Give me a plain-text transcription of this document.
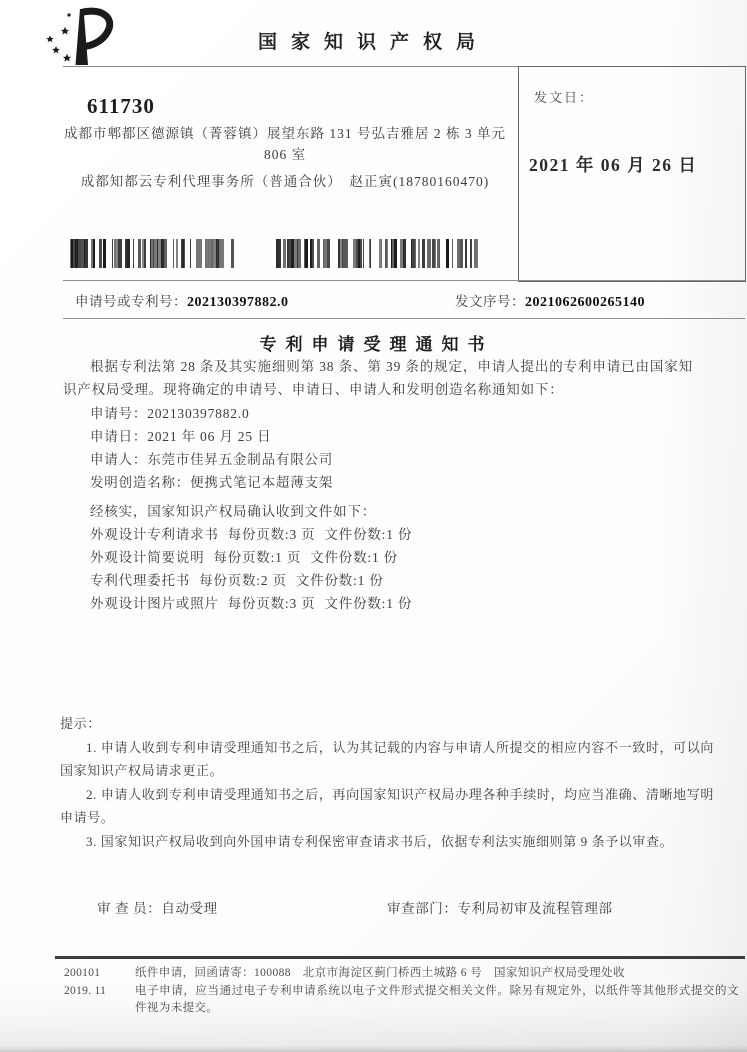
国家知识产权局
发文日：
2021 年 06 月 26 日
611730
成都市郫都区德源镇（菁蓉镇）展望东路 131 号弘吉雅居 2 栋 3 单元
806 室
成都知都云专利代理事务所（普通合伙）　赵正寅(18780160470)
申请号或专利号：202130397882.0	发文序号：2021062600265140
专利申请受理通知书
根据专利法第 28 条及其实施细则第 38 条、第 39 条的规定，申请人提出的专利申请已由国家知识产权局受理。现将确定的申请号、申请日、申请人和发明创造名称通知如下：
申请号：202130397882.0
申请日：2021 年 06 月 25 日
申请人：东莞市佳昇五金制品有限公司
发明创造名称：便携式笔记本超薄支架
经核实，国家知识产权局确认收到文件如下：
外观设计专利请求书 每份页数:3 页 文件份数:1 份
外观设计简要说明 每份页数:1 页 文件份数:1 份
专利代理委托书 每份页数:2 页 文件份数:1 份
外观设计图片或照片 每份页数:3 页 文件份数:1 份

提示：

1. 申请人收到专利申请受理通知书之后，认为其记载的内容与申请人所提交的相应内容不一致时，可以向国家知识产权局请求更正。

2. 申请人收到专利申请受理通知书之后，再向国家知识产权局办理各种手续时，均应当准确、清晰地写明申请号。

3. 国家知识产权局收到向外国申请专利保密审查请求书后，依据专利法实施细则第 9 条予以审查。

审 查 员：自动受理	审查部门：专利局初审及流程管理部
200101
2019. 11

纸件申请，回函请寄：100088　北京市海淀区蓟门桥西土城路 6 号　国家知识产权局受理处收

电子申请，应当通过电子专利申请系统以电子文件形式提交相关文件。除另有规定外，以纸件等其他形式提交的文件视为未提交。
